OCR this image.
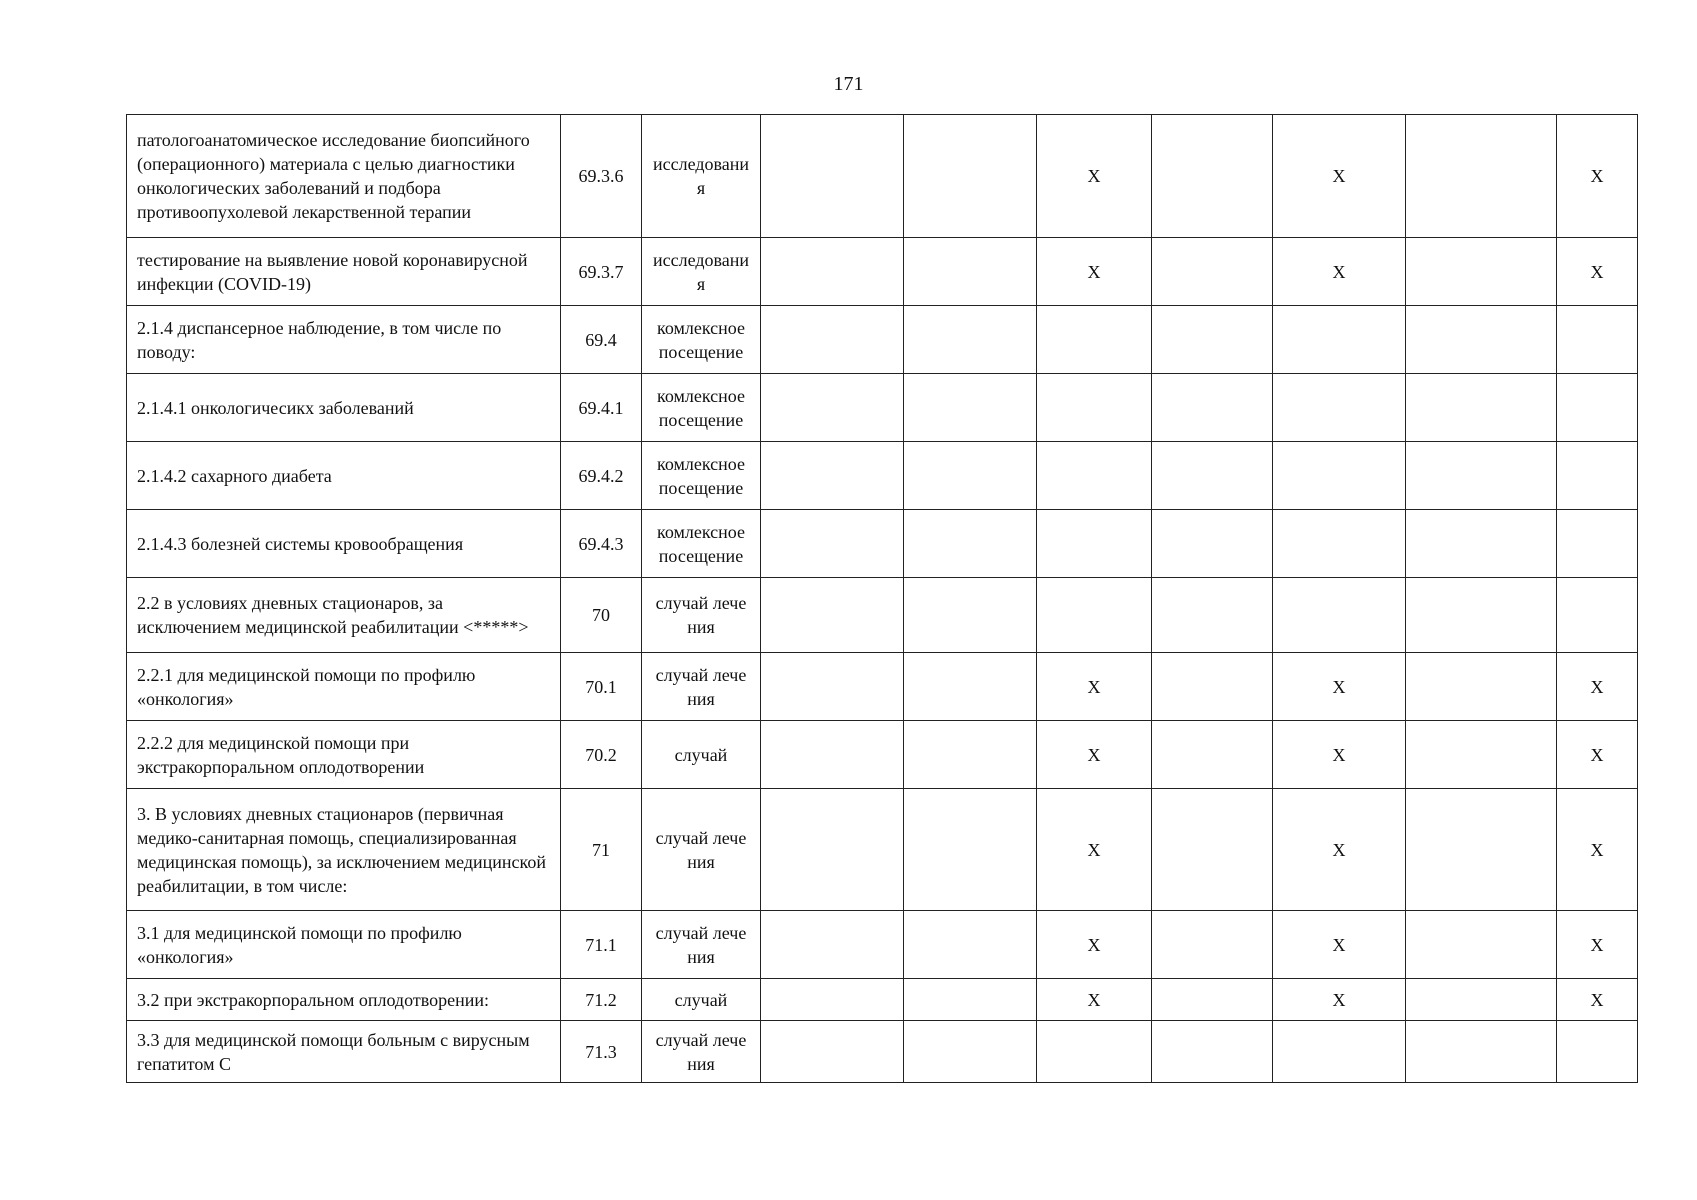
171
патологоанатомическое исследование биопсийного (операционного) материала с целью диагностики онкологических заболеваний и подбора противоопухолевой лекарственной терапии	69.3.6	исследования			X		X		X
тестирование на выявление новой коронавирусной инфекции (COVID-19)	69.3.7	исследования			X		X		X
2.1.4 диспансерное наблюдение, в том числе по поводу:	69.4	комлексное посещение							
2.1.4.1 онкологичесикх заболеваний	69.4.1	комлексное посещение							
2.1.4.2 сахарного диабета	69.4.2	комлексное посещение							
2.1.4.3 болезней системы кровообращения	69.4.3	комлексное посещение							
2.2 в условиях дневных стационаров, за исключением медицинской реабилитации <*****>	70	случай лечения							
2.2.1 для медицинской помощи по профилю «онкология»	70.1	случай лечения			X		X		X
2.2.2 для медицинской помощи при экстракорпоральном оплодотворении	70.2	случай			X		X		X
3. В условиях дневных стационаров (первичная медико-санитарная помощь, специализированная медицинская помощь), за исключением медицинской реабилитации, в том числе:	71	случай лечения			X		X		X
3.1 для медицинской помощи по профилю «онкология»	71.1	случай лечения			X		X		X
3.2 при экстракорпоральном оплодотворении:	71.2	случай			X		X		X
3.3 для медицинской помощи больным с вирусным гепатитом С	71.3	случай лечения							
